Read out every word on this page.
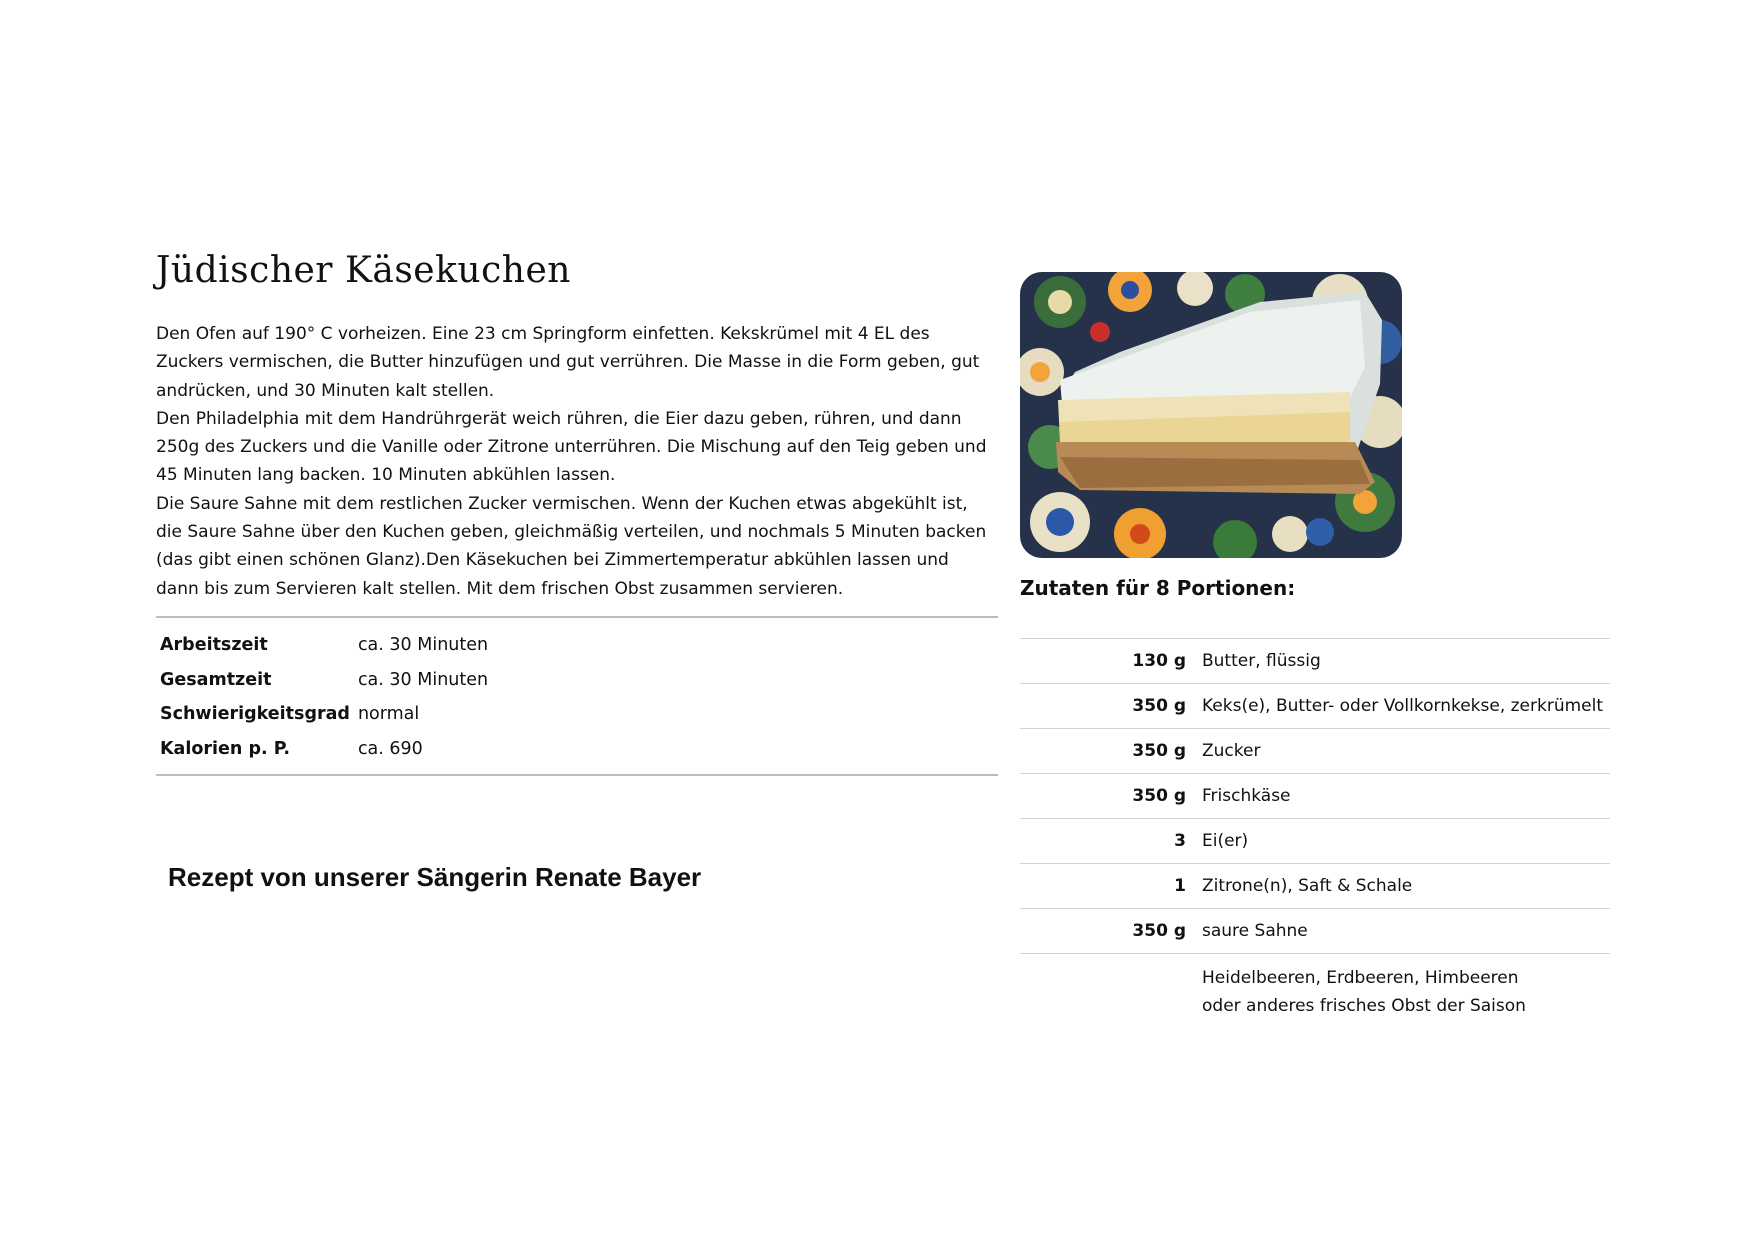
Jüdischer Käsekuchen

Den Ofen auf 190° C vorheizen. Eine 23 cm Springform einfetten. Kekskrümel mit 4 EL des Zuckers vermischen, die Butter hinzufügen und gut verrühren. Die Masse in die Form geben, gut andrücken, und 30 Minuten kalt stellen.

Den Philadelphia mit dem Handrührgerät weich rühren, die Eier dazu geben, rühren, und dann 250g des Zuckers und die Vanille oder Zitrone unterrühren. Die Mischung auf den Teig geben und 45 Minuten lang backen. 10 Minuten abkühlen lassen.

Die Saure Sahne mit dem restlichen Zucker vermischen. Wenn der Kuchen etwas abgekühlt ist, die Saure Sahne über den Kuchen geben, gleichmäßig verteilen, und nochmals 5 Minuten backen (das gibt einen schönen Glanz).Den Käsekuchen bei Zimmertemperatur abkühlen lassen und dann bis zum Servieren kalt stellen. Mit dem frischen Obst zusammen servieren.

Arbeitszeit	ca. 30 Minuten
Gesamtzeit	ca. 30 Minuten
Schwierigkeitsgrad	normal
Kalorien p. P.	ca. 690
Rezept von unserer Sängerin Renate Bayer
Zutaten für 8 Portionen:
130 g Butter, flüssig
350 g Keks(e), Butter- oder Vollkornkekse, zerkrümelt
350 g Zucker
350 g Frischkäse
3 Ei(er)
1 Zitrone(n), Saft & Schale
350 g saure Sahne
Heidelbeeren, Erdbeeren, Himbeeren oder anderes frisches Obst der Saison
